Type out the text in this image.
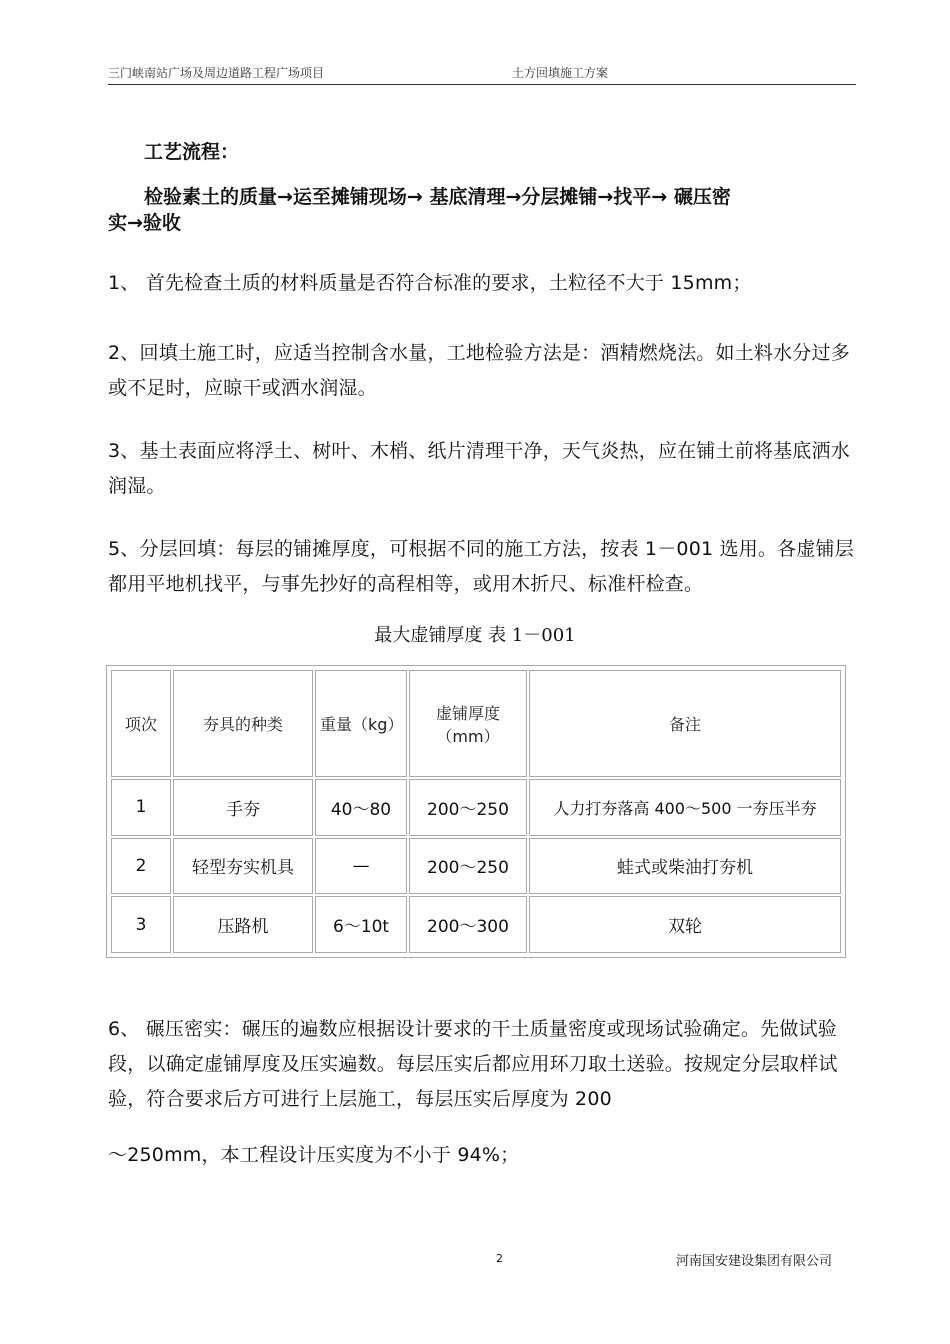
三门峡南站广场及周边道路工程广场项目	土方回填施工方案
工艺流程：
检验素土的质量→运至摊铺现场→ 基底清理→分层摊铺→找平→ 碾压密
实→验收
1、 首先检查土质的材料质量是否符合标准的要求，土粒径不大于 15mm；
2、回填土施工时，应适当控制含水量，工地检验方法是：酒精燃烧法。如土料水分过多或不足时，应晾干或洒水润湿。
3、基土表面应将浮土、树叶、木梢、纸片清理干净，天气炎热，应在铺土前将基底洒水润湿。
5、分层回填：每层的铺摊厚度，可根据不同的施工方法，按表 1－001 选用。各虚铺层都用平地机找平，与事先抄好的高程相等，或用木折尺、标准杆检查。
最大虚铺厚度 表 1－001
项次	夯具的种类	重量（kg）	虚铺厚度（mm）	备注
1	手夯	40～80	200～250	人力打夯落高 400～500 一夯压半夯
2	轻型夯实机具	—	200～250	蛙式或柴油打夯机
3	压路机	6～10t	200～300	双轮
6、 碾压密实：碾压的遍数应根据设计要求的干土质量密度或现场试验确定。先做试验段，以确定虚铺厚度及压实遍数。每层压实后都应用环刀取土送验。按规定分层取样试验，符合要求后方可进行上层施工，每层压实后厚度为 200
～250mm，本工程设计压实度为不小于 94%；
2	河南国安建设集团有限公司
